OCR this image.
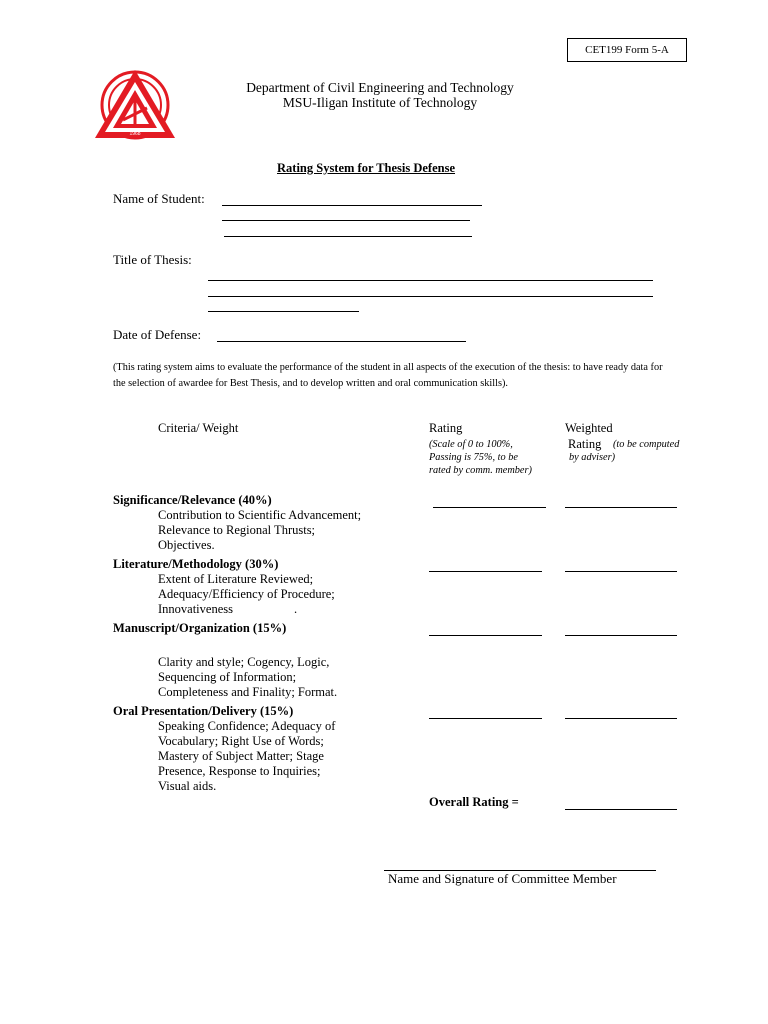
CET199 Form 5-A
1968
Department of Civil Engineering and Technology
MSU-Iligan Institute of Technology
Rating System for Thesis Defense
Name of Student:
Title of Thesis:
Date of Defense:
(This rating system aims to evaluate the performance of the student in all aspects of the execution of the thesis: to have ready data for the selection of awardee for Best Thesis, and to develop written and oral communication skills).
Criteria/ Weight	Rating
(Scale of 0 to 100%,
Passing is 75%, to be
rated by comm. member)
Weighted
Rating (to be computed
by adviser)
Significance/Relevance (40%)
Contribution to Scientific Advancement;
Relevance to Regional Thrusts;
Objectives.
Literature/Methodology (30%)
Extent of Literature Reviewed;
Adequacy/Efficiency of Procedure;
Innovativeness	.
Manuscript/Organization (15%)
Clarity and style; Cogency, Logic,
Sequencing of Information;
Completeness and Finality; Format.
Oral Presentation/Delivery (15%)
Speaking Confidence; Adequacy of
Vocabulary; Right Use of Words;
Mastery of Subject Matter; Stage
Presence, Response to Inquiries;
Visual aids.
Overall Rating =
Name and Signature of Committee Member
